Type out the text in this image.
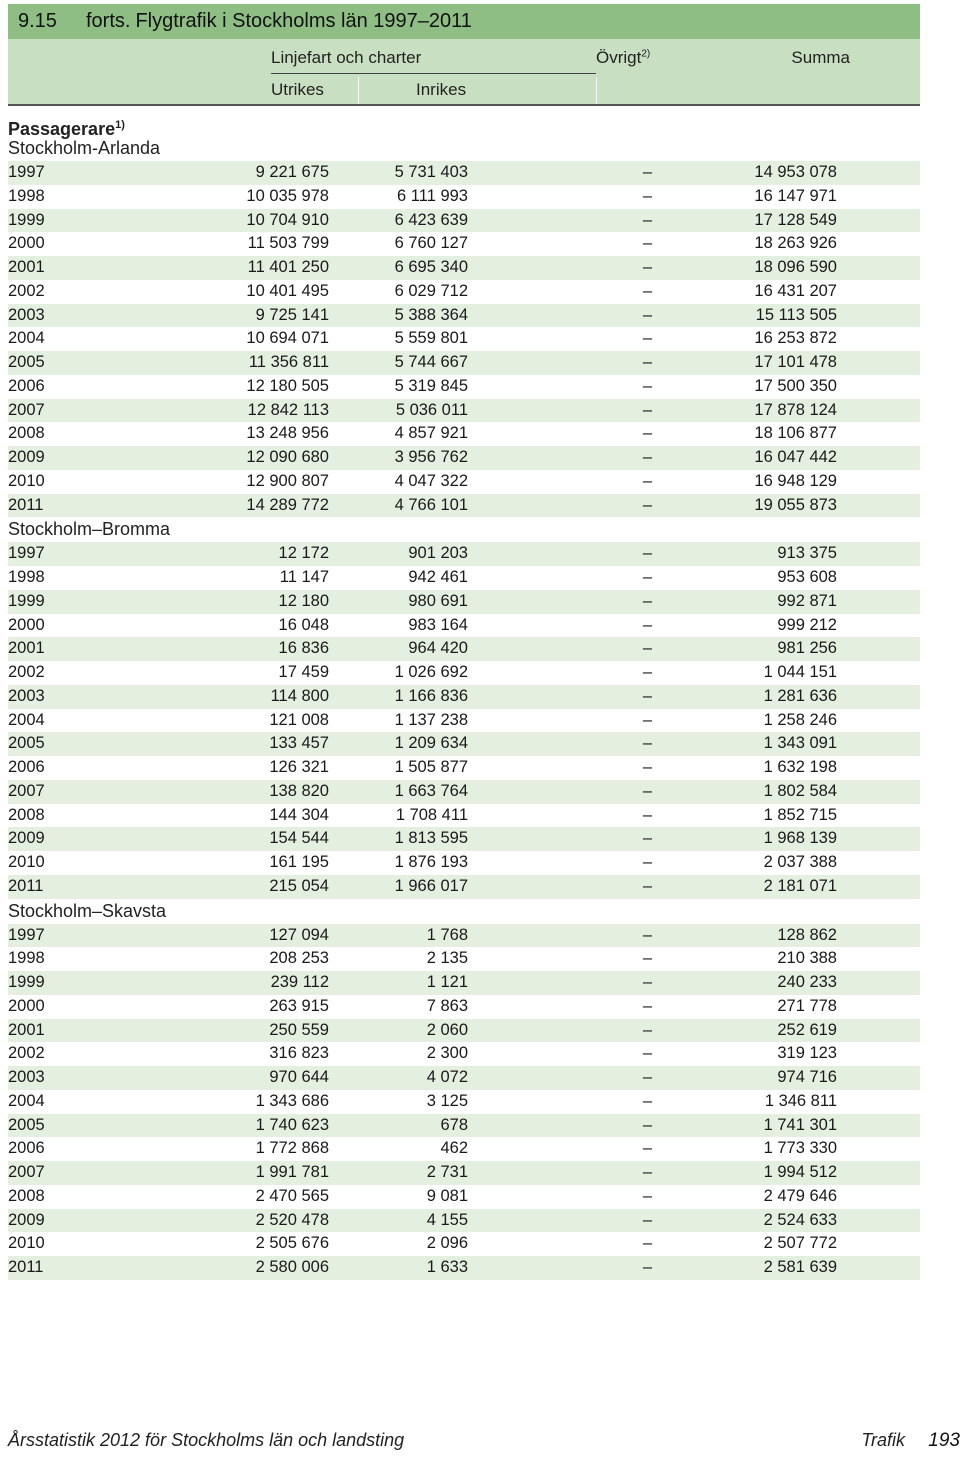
9.15	forts. Flygtrafik i Stockholms län 1997–2011
Linjefart och charter	Övrigt$^{2)}$	Summa
Utrikes	Inrikes
Passagerare$^{1)}$
Stockholm-Arlanda
1997	9 221 675	5 731 403	–	14 953 078
1998	10 035 978	6 111 993	–	16 147 971
1999	10 704 910	6 423 639	–	17 128 549
2000	11 503 799	6 760 127	–	18 263 926
2001	11 401 250	6 695 340	–	18 096 590
2002	10 401 495	6 029 712	–	16 431 207
2003	9 725 141	5 388 364	–	15 113 505
2004	10 694 071	5 559 801	–	16 253 872
2005	11 356 811	5 744 667	–	17 101 478
2006	12 180 505	5 319 845	–	17 500 350
2007	12 842 113	5 036 011	–	17 878 124
2008	13 248 956	4 857 921	–	18 106 877
2009	12 090 680	3 956 762	–	16 047 442
2010	12 900 807	4 047 322	–	16 948 129
2011	14 289 772	4 766 101	–	19 055 873
Stockholm–Bromma
1997	12 172	901 203	–	913 375
1998	11 147	942 461	–	953 608
1999	12 180	980 691	–	992 871
2000	16 048	983 164	–	999 212
2001	16 836	964 420	–	981 256
2002	17 459	1 026 692	–	1 044 151
2003	114 800	1 166 836	–	1 281 636
2004	121 008	1 137 238	–	1 258 246
2005	133 457	1 209 634	–	1 343 091
2006	126 321	1 505 877	–	1 632 198
2007	138 820	1 663 764	–	1 802 584
2008	144 304	1 708 411	–	1 852 715
2009	154 544	1 813 595	–	1 968 139
2010	161 195	1 876 193	–	2 037 388
2011	215 054	1 966 017	–	2 181 071
Stockholm–Skavsta
1997	127 094	1 768	–	128 862
1998	208 253	2 135	–	210 388
1999	239 112	1 121	–	240 233
2000	263 915	7 863	–	271 778
2001	250 559	2 060	–	252 619
2002	316 823	2 300	–	319 123
2003	970 644	4 072	–	974 716
2004	1 343 686	3 125	–	1 346 811
2005	1 740 623	678	–	1 741 301
2006	1 772 868	462	–	1 773 330
2007	1 991 781	2 731	–	1 994 512
2008	2 470 565	9 081	–	2 479 646
2009	2 520 478	4 155	–	2 524 633
2010	2 505 676	2 096	–	2 507 772
2011	2 580 006	1 633	–	2 581 639
Årsstatistik 2012 för Stockholms län och landsting	Trafik 193
